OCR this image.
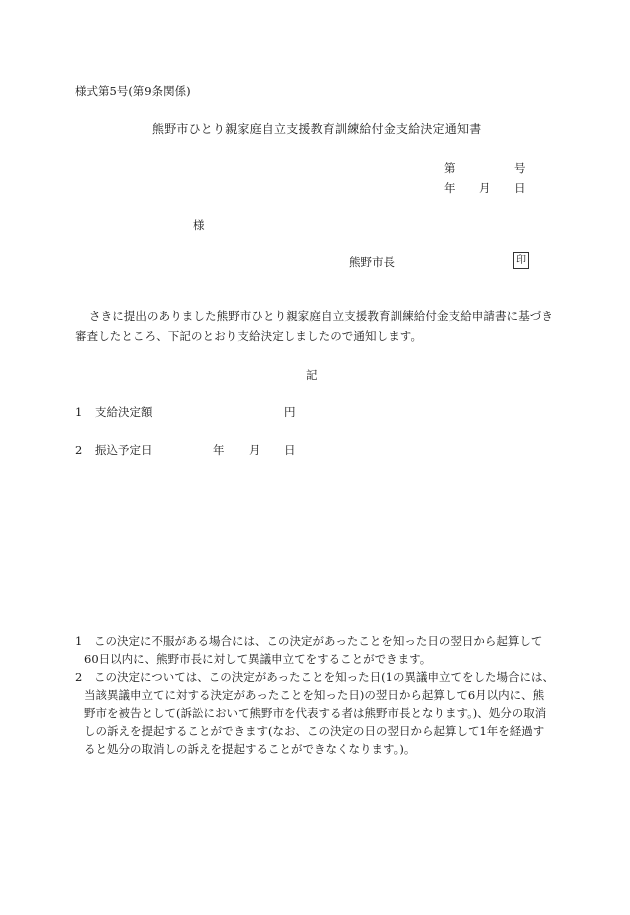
様式第5号(第9条関係)
熊野市ひとり親家庭自立支援教育訓練給付金支給決定通知書
第	号
年 月 日
様
熊野市長	印
さきに提出のありました熊野市ひとり親家庭自立支援教育訓練給付金支給申請書に基づき審査したところ、下記のとおり支給決定しましたので通知します。
記
1 支給決定額	円
2 振込予定日	年 月 日
1	この決定に不服がある場合には、この決定があったことを知った日の翌日から起算して60日以内に、熊野市長に対して異議申立てをすることができます。
2	この決定については、この決定があったことを知った日(1の異議申立てをした場合には、当該異議申立てに対する決定があったことを知った日)の翌日から起算して6月以内に、熊野市を被告として(訴訟において熊野市を代表する者は熊野市長となります。)、処分の取消しの訴えを提起することができます(なお、この決定の日の翌日から起算して1年を経過すると処分の取消しの訴えを提起することができなくなります。)。
